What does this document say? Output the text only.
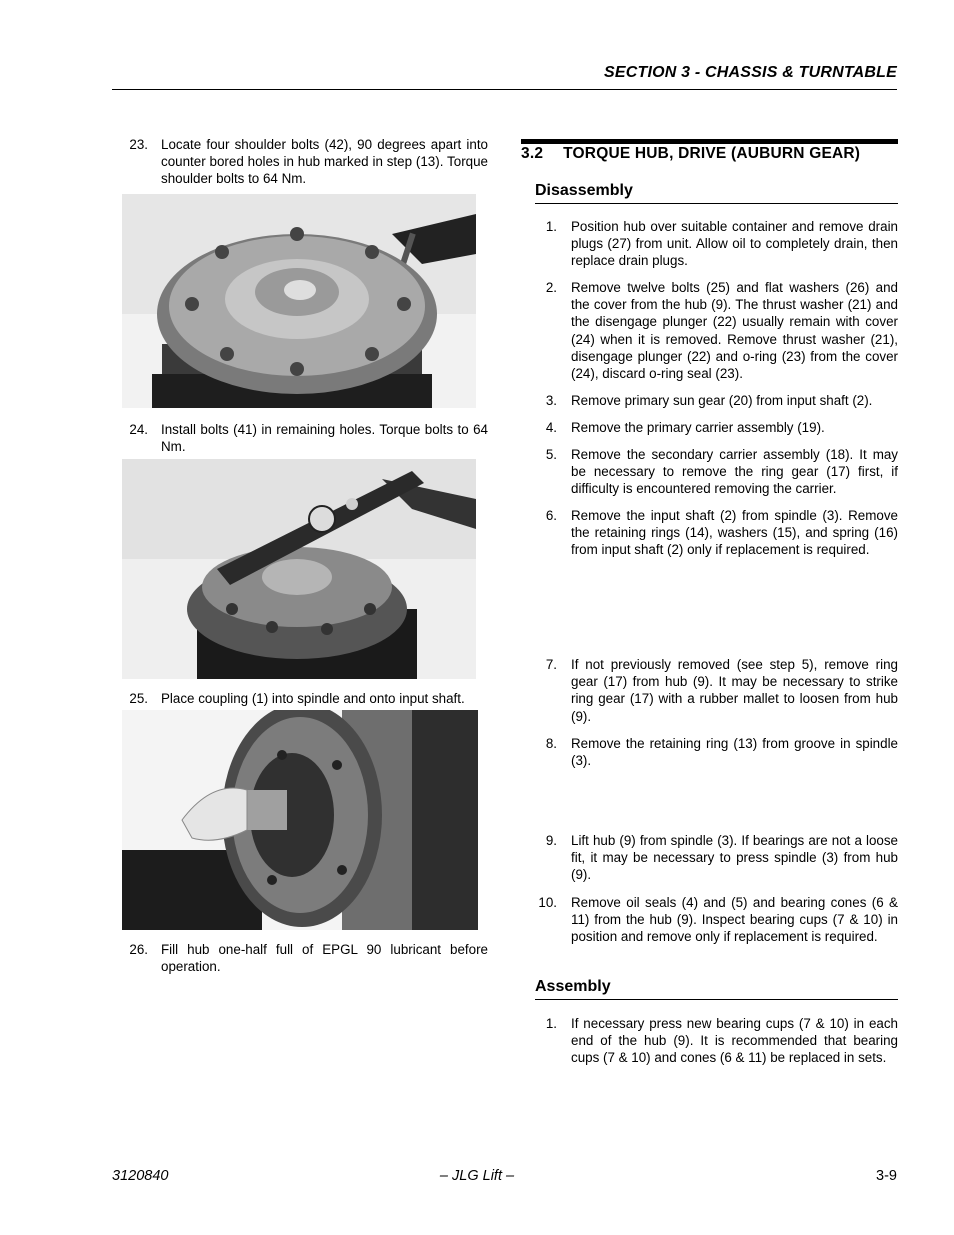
SECTION 3 - CHASSIS & TURNTABLE
23. Locate four shoulder bolts (42), 90 degrees apart into counter bored holes in hub marked in step (13). Torque shoulder bolts to 64 Nm.
24. Install bolts (41) in remaining holes. Torque bolts to 64 Nm.
25. Place coupling (1) into spindle and onto input shaft.
26. Fill hub one-half full of EPGL 90 lubricant before operation.
3.2 TORQUE HUB, DRIVE (AUBURN GEAR)
Disassembly
1. Position hub over suitable container and remove drain plugs (27) from unit. Allow oil to completely drain, then replace drain plugs.
2. Remove twelve bolts (25) and flat washers (26) and the cover from the hub (9). The thrust washer (21) and the disengage plunger (22) usually remain with cover (24) when it is removed. Remove thrust washer (21), disengage plunger (22) and o-ring (23) from the cover (24), discard o-ring seal (23).
3. Remove primary sun gear (20) from input shaft (2).
4. Remove the primary carrier assembly (19).
5. Remove the secondary carrier assembly (18). It may be necessary to remove the ring gear (17) first, if difficulty is encountered removing the carrier.
6. Remove the input shaft (2) from spindle (3). Remove the retaining rings (14), washers (15), and spring (16) from input shaft (2) only if replacement is required.
7. If not previously removed (see step 5), remove ring gear (17) from hub (9). It may be necessary to strike ring gear (17) with a rubber mallet to loosen from hub (9).
8. Remove the retaining ring (13) from groove in spindle (3).
9. Lift hub (9) from spindle (3). If bearings are not a loose fit, it may be necessary to press spindle (3) from hub (9).
10. Remove oil seals (4) and (5) and bearing cones (6 & 11) from the hub (9). Inspect bearing cups (7 & 10) in position and remove only if replacement is required.
Assembly
1. If necessary press new bearing cups (7 & 10) in each end of the hub (9). It is recommended that bearing cups (7 & 10) and cones (6 & 11) be replaced in sets.
3120840	– JLG Lift –	3-9
